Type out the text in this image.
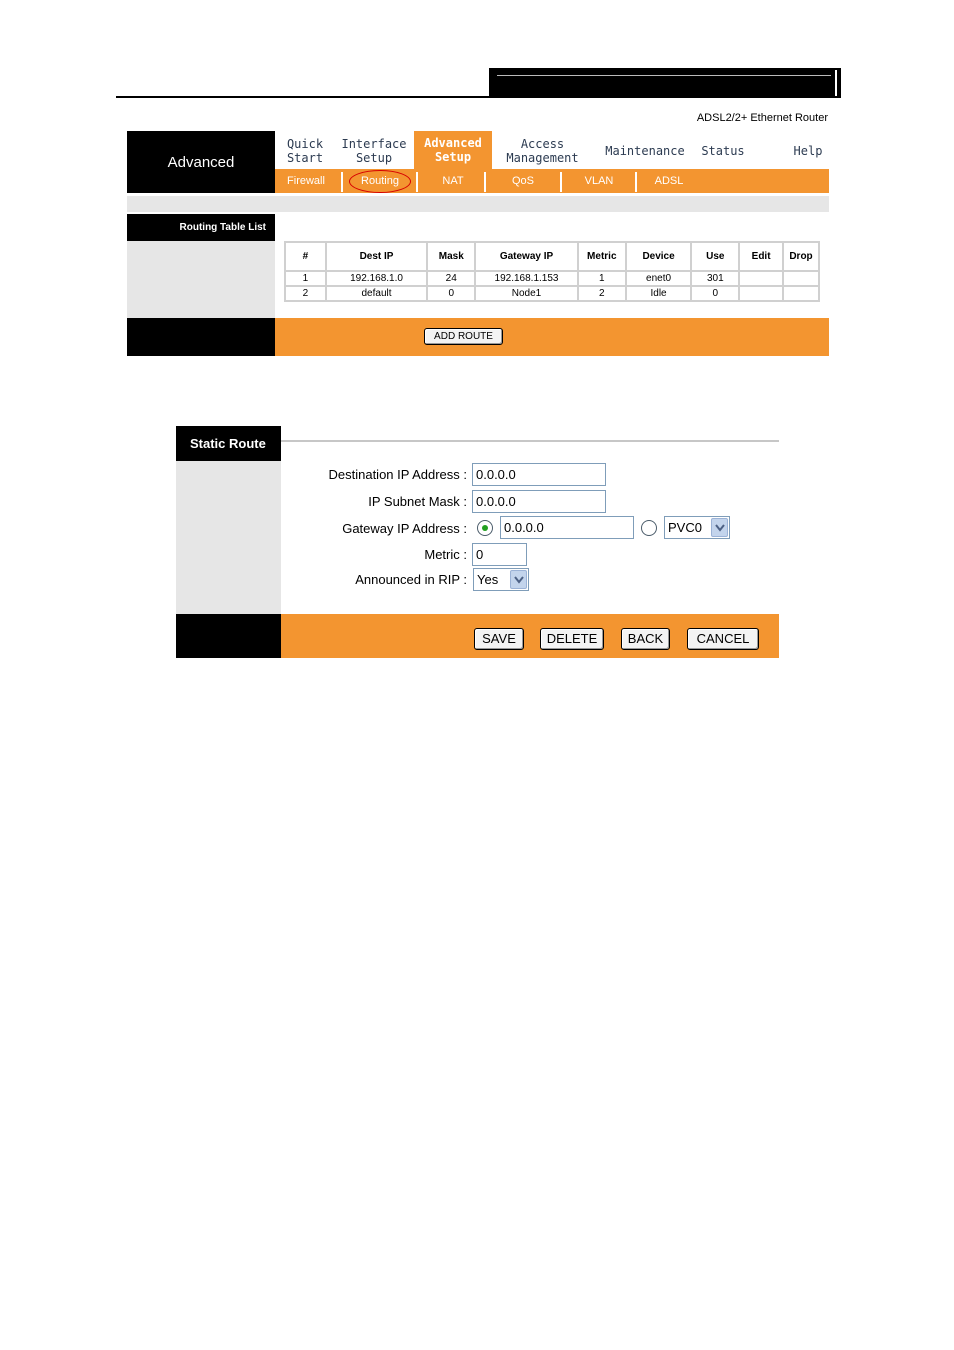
ADSL2/2+ Ethernet Router
Advanced
Quick
Start
Interface
Setup
Advanced
Setup
Access
Management Maintenance Status	Help
Firewall	Routing	NAT	QoS	VLAN	ADSL
Routing Table List
#	Dest IP	Mask	Gateway IP	Metric	Device	Use	Edit	Drop
1	192.168.1.0	24	192.168.1.153	1	enet0	301		
2	default	0	Node1	2	Idle	0		
ADD ROUTE
Static Route
Destination IP Address : 0.0.0.0
IP Subnet Mask : 0.0.0.0
Gateway IP Address :	0.0.0.0	PVC0
Metric : 0
Announced in RIP : Yes
SAVE	DELETE	BACK	CANCEL
